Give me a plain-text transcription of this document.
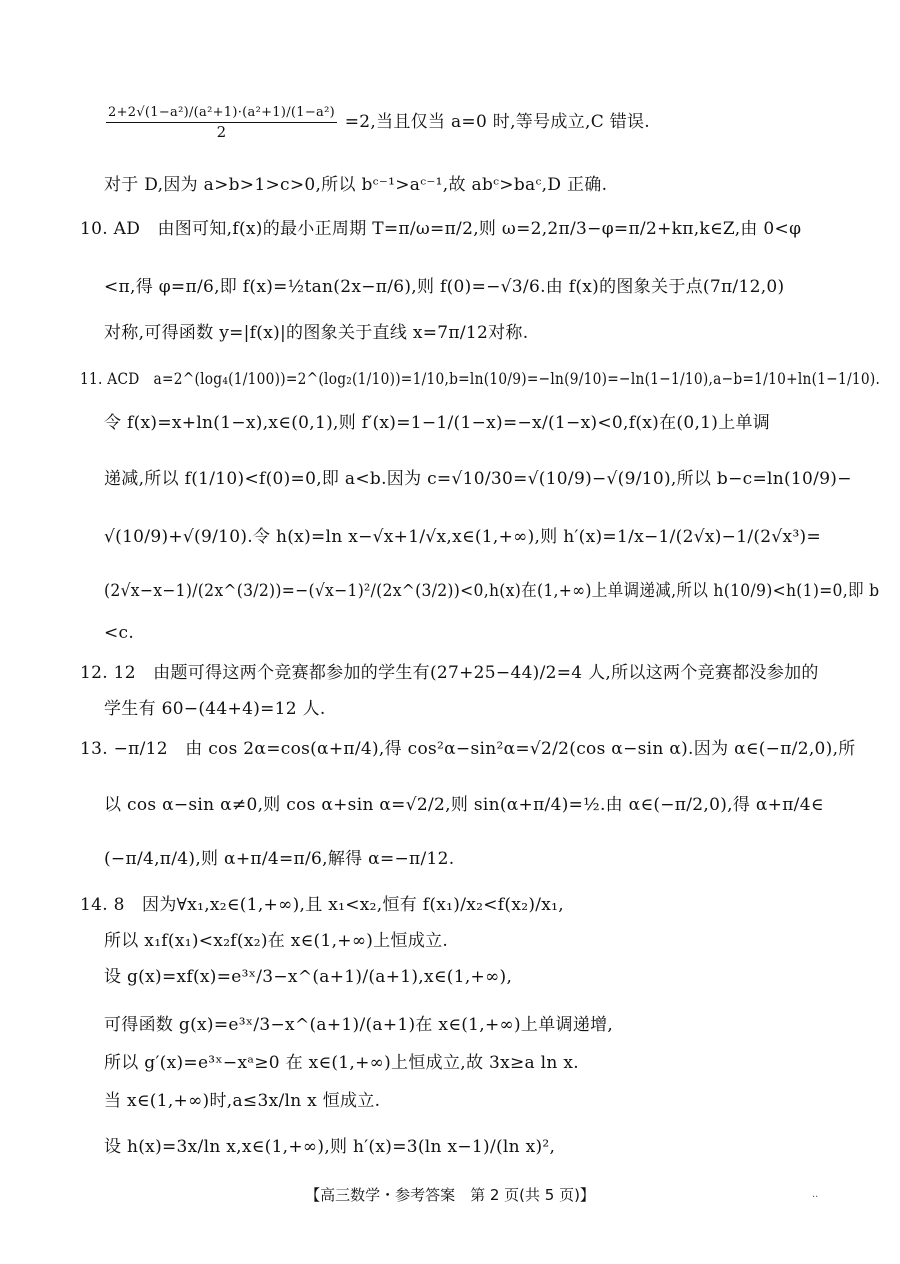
$\frac{\text{2+2√(1−a²)/(a²+1)·(a²+1)/(1−a²)}}{2} =2$,当且仅当 a=0 时,等号成立,C 错误.
对于 D,因为 a>b>1>c>0,所以 bᶜ⁻¹>aᶜ⁻¹,故 abᶜ>baᶜ,D 正确.
10. AD　由图可知,f(x)的最小正周期 T=π/ω=π/2,则 ω=2,2π/3−φ=π/2+kπ,k∈Z,由 0<φ
<π,得 φ=π/6,即 f(x)=½tan(2x−π/6),则 f(0)=−√3/6.由 f(x)的图象关于点(7π/12,0)
对称,可得函数 y=|f(x)|的图象关于直线 x=7π/12对称.
11. ACD　a=2^(log₄(1/100))=2^(log₂(1/10))=1/10,b=ln(10/9)=−ln(9/10)=−ln(1−1/10),a−b=1/10+ln(1−1/10).
令 f(x)=x+ln(1−x),x∈(0,1),则 f′(x)=1−1/(1−x)=−x/(1−x)<0,f(x)在(0,1)上单调
递减,所以 f(1/10)<f(0)=0,即 a<b.因为 c=√10/30=√(10/9)−√(9/10),所以 b−c=ln(10/9)−
√(10/9)+√(9/10).令 h(x)=ln x−√x+1/√x,x∈(1,+∞),则 h′(x)=1/x−1/(2√x)−1/(2√x³)=
(2√x−x−1)/(2x^(3/2))=−(√x−1)²/(2x^(3/2))<0,h(x)在(1,+∞)上单调递减,所以 h(10/9)<h(1)=0,即 b
<c.
12. 12　由题可得这两个竞赛都参加的学生有(27+25−44)/2=4 人,所以这两个竞赛都没参加的
学生有 60−(44+4)=12 人.
13. −π/12　由 cos 2α=cos(α+π/4),得 cos²α−sin²α=√2/2(cos α−sin α).因为 α∈(−π/2,0),所
以 cos α−sin α≠0,则 cos α+sin α=√2/2,则 sin(α+π/4)=½.由 α∈(−π/2,0),得 α+π/4∈
(−π/4,π/4),则 α+π/4=π/6,解得 α=−π/12.
14. 8　因为∀x₁,x₂∈(1,+∞),且 x₁<x₂,恒有 f(x₁)/x₂<f(x₂)/x₁,
所以 x₁f(x₁)<x₂f(x₂)在 x∈(1,+∞)上恒成立.
设 g(x)=xf(x)=e³ˣ/3−x^(a+1)/(a+1),x∈(1,+∞),
可得函数 g(x)=e³ˣ/3−x^(a+1)/(a+1)在 x∈(1,+∞)上单调递增,
所以 g′(x)=e³ˣ−xᵃ≥0 在 x∈(1,+∞)上恒成立,故 3x≥a ln x.
当 x∈(1,+∞)时,a≤3x/ln x 恒成立.
设 h(x)=3x/ln x,x∈(1,+∞),则 h′(x)=3(ln x−1)/(ln x)²,
【高三数学・参考答案　第 2 页(共 5 页)】	··
